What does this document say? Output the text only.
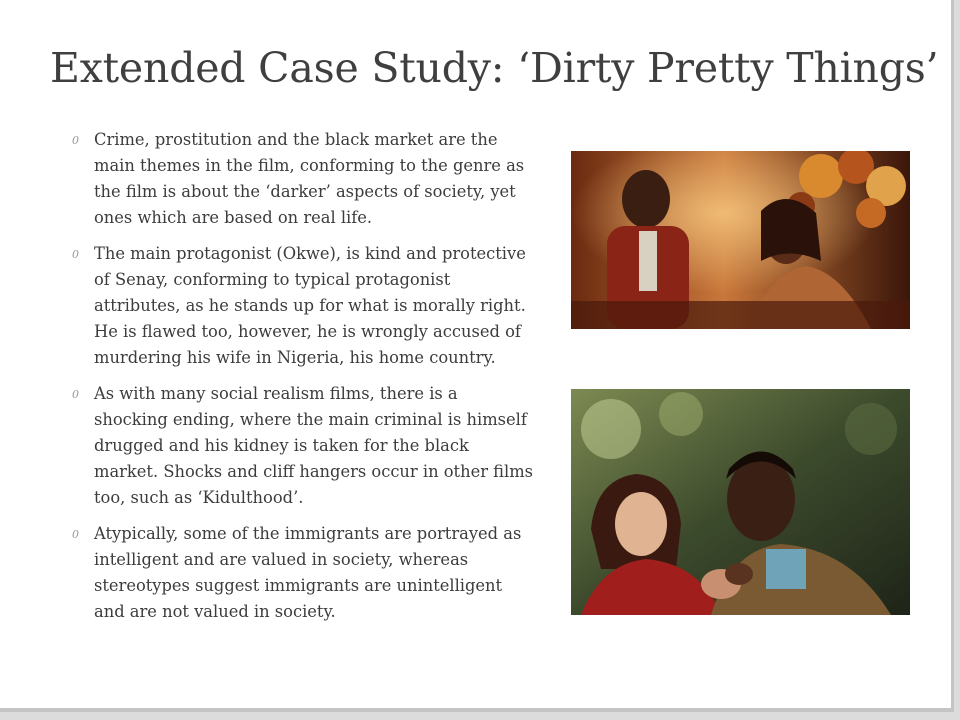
Extended Case Study: ‘Dirty Pretty Things’
0 Crime, prostitution and the black market are the main themes in the film, conforming to the genre as the film is about the ‘darker’ aspects of society, yet ones which are based on real life.
0 The main protagonist (Okwe), is kind and protective of Senay, conforming to typical protagonist attributes, as he stands up for what is morally right. He is flawed too, however, he is wrongly accused of murdering his wife in Nigeria, his home country.
0 As with many social realism films, there is a shocking ending, where the main criminal is himself drugged and his kidney is taken for the black market. Shocks and cliff hangers occur in other films too, such as ‘Kidulthood’.
0 Atypically, some of the immigrants are portrayed as intelligent and are valued in society, whereas stereotypes suggest immigrants are unintelligent and are not valued in society.
